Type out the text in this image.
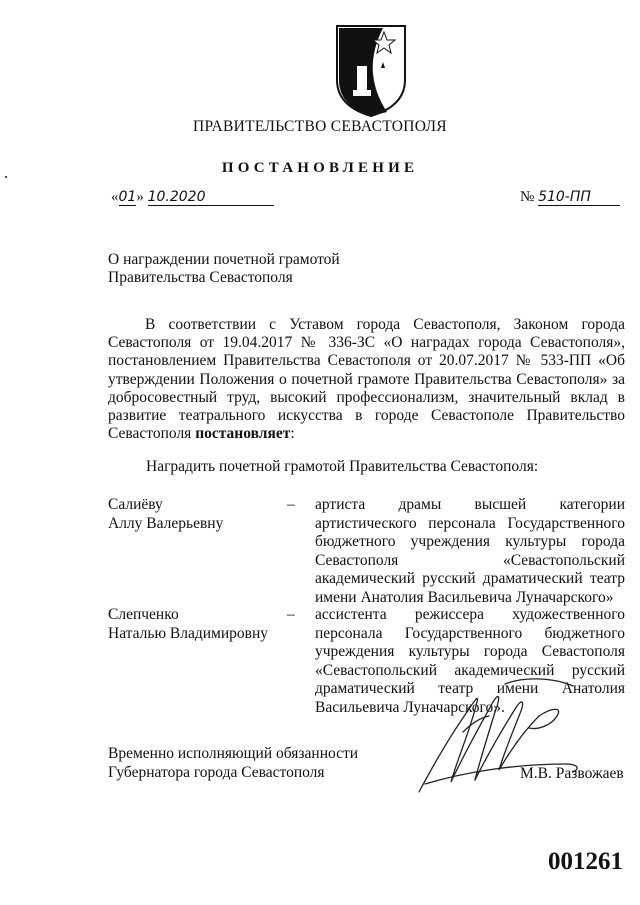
ПРАВИТЕЛЬСТВО СЕВАСТОПОЛЯ
ПОСТАНОВЛЕНИЕ
«01» 10.2020	№ 510-ПП
О награждении почетной грамотой
Правительства Севастополя
В соответствии с Уставом города Севастополя, Законом города Севастополя от 19.04.2017 № 336-ЗС «О наградах города Севастополя», постановлением Правительства Севастополя от 20.07.2017 № 533-ПП «Об утверждении Положения о почетной грамоте Правительства Севастополя» за добросовестный труд, высокий профессионализм, значительный вклад в развитие театрального искусства в городе Севастополе Правительство Севастополя постановляет:
Наградить почетной грамотой Правительства Севастополя:
Салиёву
Аллу Валерьевну
– артиста драмы высшей категории артистического персонала Государственного бюджетного учреждения культуры города Севастополя «Севастопольский академический русский драматический театр имени Анатолия Васильевича Луначарского»
Слепченко
Наталью Владимировну
– ассистента режиссера художественного персонала Государственного бюджетного учреждения культуры города Севастополя «Севастопольский академический русский драматический театр имени Анатолия Васильевича Луначарского».
Временно исполняющий обязанности
Губернатора города Севастополя	М.В. Развожаев
001261
